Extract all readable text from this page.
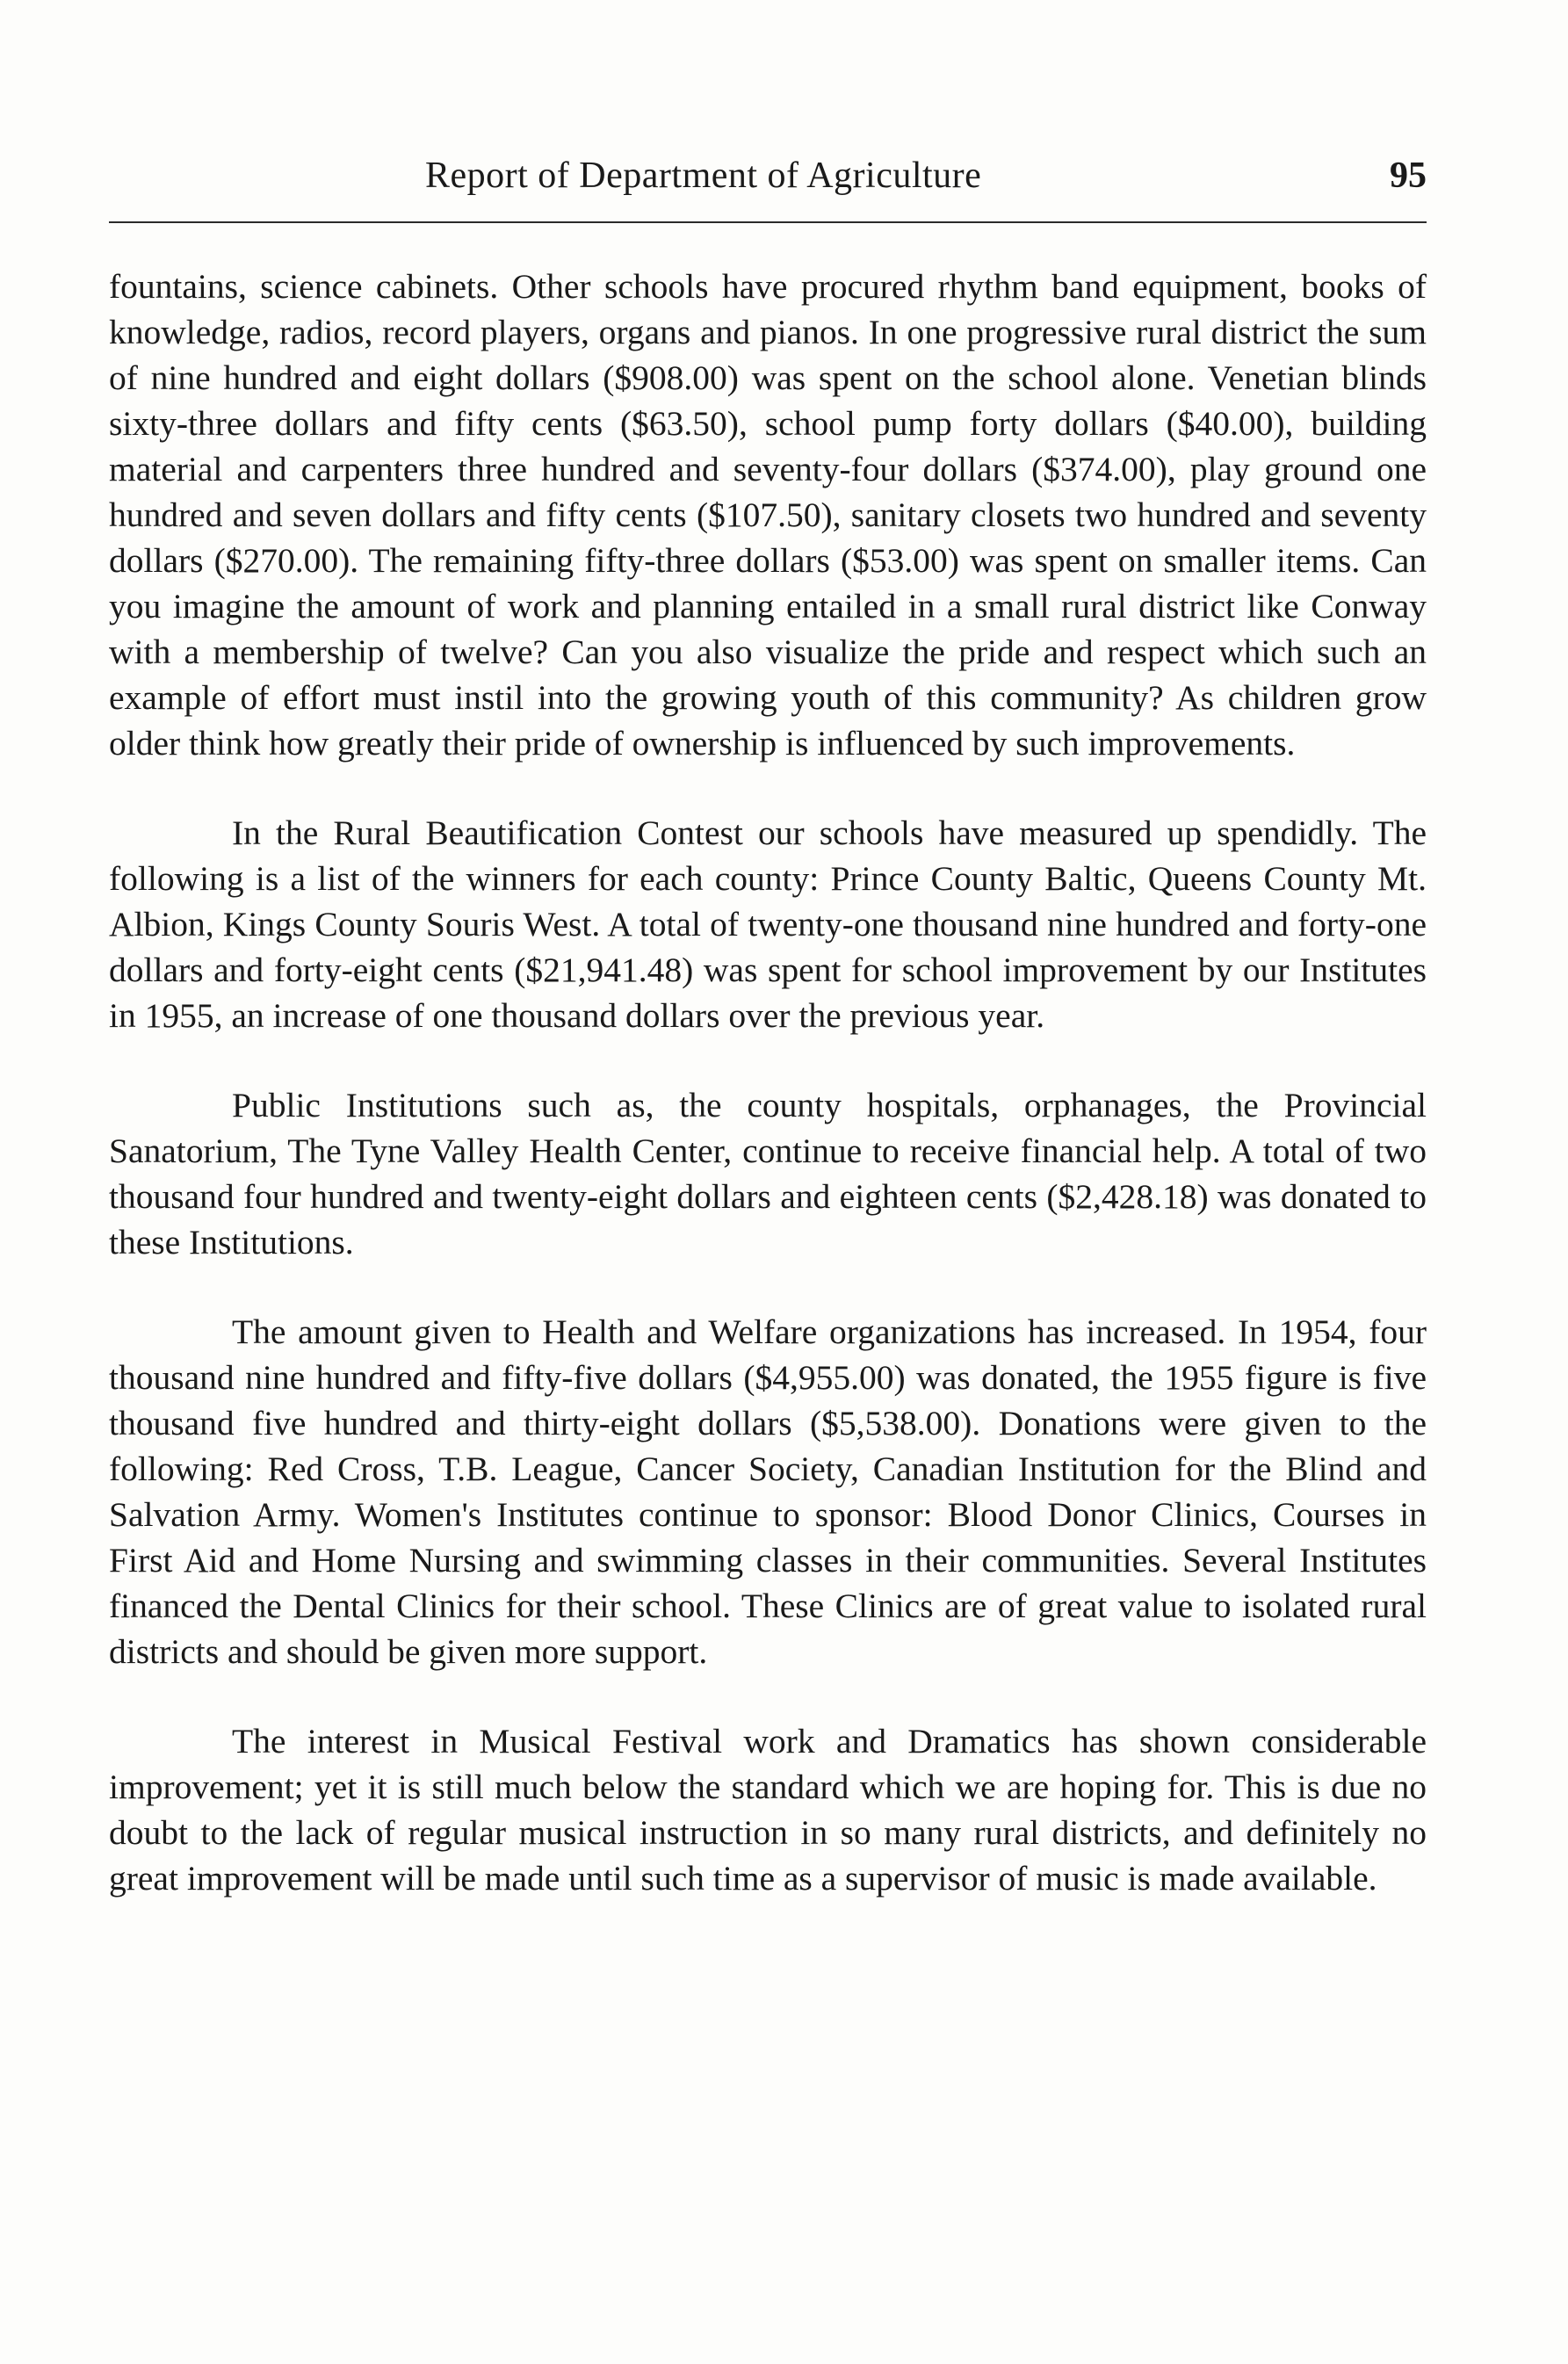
Report of Department of Agriculture	95

fountains, science cabinets. Other schools have procured rhythm band equipment, books of knowledge, radios, record players, organs and pianos. In one progressive rural district the sum of nine hundred and eight dollars ($908.00) was spent on the school alone. Venetian blinds sixty-three dollars and fifty cents ($63.50), school pump forty dollars ($40.00), building material and carpenters three hundred and seventy-four dollars ($374.00), play ground one hundred and seven dollars and fifty cents ($107.50), sanitary closets two hundred and seventy dollars ($270.00). The remaining fifty-three dollars ($53.00) was spent on smaller items. Can you imagine the amount of work and planning entailed in a small rural district like Conway with a membership of twelve? Can you also visualize the pride and respect which such an example of effort must instil into the growing youth of this community? As children grow older think how greatly their pride of ownership is influenced by such improvements.

In the Rural Beautification Contest our schools have measured up spendidly. The following is a list of the winners for each county: Prince County Baltic, Queens County Mt. Albion, Kings County Souris West. A total of twenty-one thousand nine hundred and forty-one dollars and forty-eight cents ($21,941.48) was spent for school improvement by our Institutes in 1955, an increase of one thousand dollars over the previous year.

Public Institutions such as, the county hospitals, orphanages, the Provincial Sanatorium, The Tyne Valley Health Center, continue to receive financial help. A total of two thousand four hundred and twenty-eight dollars and eighteen cents ($2,428.18) was donated to these Institutions.

The amount given to Health and Welfare organizations has increased. In 1954, four thousand nine hundred and fifty-five dollars ($4,955.00) was donated, the 1955 figure is five thousand five hundred and thirty-eight dollars ($5,538.00). Donations were given to the following: Red Cross, T.B. League, Cancer Society, Canadian Institution for the Blind and Salvation Army. Women's Institutes continue to sponsor: Blood Donor Clinics, Courses in First Aid and Home Nursing and swimming classes in their communities. Several Institutes financed the Dental Clinics for their school. These Clinics are of great value to isolated rural districts and should be given more support.

The interest in Musical Festival work and Dramatics has shown considerable improvement; yet it is still much below the standard which we are hoping for. This is due no doubt to the lack of regular musical instruction in so many rural districts, and definitely no great improvement will be made until such time as a supervisor of music is made available.
